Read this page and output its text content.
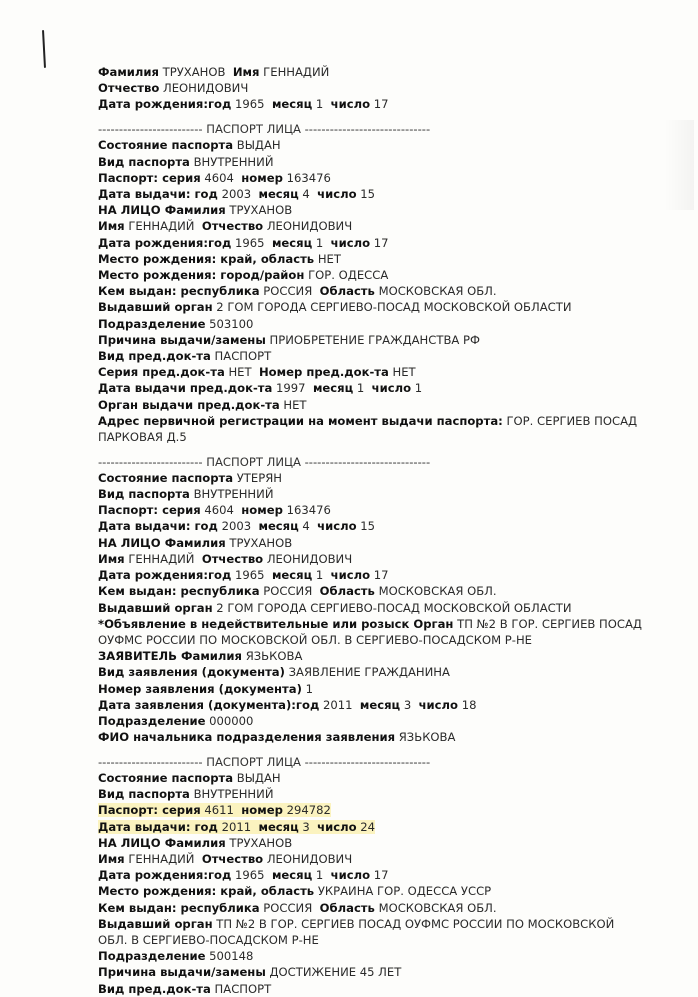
Фамилия ТРУХАНОВ Имя ГЕННАДИЙ
Отчество ЛЕОНИДОВИЧ
Дата рождения:год 1965 месяц 1 число 17
------------------------- ПАСПОРТ ЛИЦА ------------------------------
Состояние паспорта ВЫДАН
Вид паспорта ВНУТРЕННИЙ
Паспорт: серия 4604 номер 163476
Дата выдачи: год 2003 месяц 4 число 15
НА ЛИЦО Фамилия ТРУХАНОВ
Имя ГЕННАДИЙ Отчество ЛЕОНИДОВИЧ
Дата рождения:год 1965 месяц 1 число 17
Место рождения: край, область НЕТ
Место рождения: город/район ГОР. ОДЕССА
Кем выдан: республика РОССИЯ Область МОСКОВСКАЯ ОБЛ.
Выдавший орган 2 ГОМ ГОРОДА СЕРГИЕВО-ПОСАД МОСКОВСКОЙ ОБЛАСТИ
Подразделение 503100
Причина выдачи/замены ПРИОБРЕТЕНИЕ ГРАЖДАНСТВА РФ
Вид пред.док-та ПАСПОРТ
Серия пред.док-та НЕТ Номер пред.док-та НЕТ
Дата выдачи пред.док-та 1997 месяц 1 число 1
Орган выдачи пред.док-та НЕТ
Адрес первичной регистрации на момент выдачи паспорта: ГОР. СЕРГИЕВ ПОСАД
ПАРКОВАЯ Д.5
------------------------- ПАСПОРТ ЛИЦА ------------------------------
Состояние паспорта УТЕРЯН
Вид паспорта ВНУТРЕННИЙ
Паспорт: серия 4604 номер 163476
Дата выдачи: год 2003 месяц 4 число 15
НА ЛИЦО Фамилия ТРУХАНОВ
Имя ГЕННАДИЙ Отчество ЛЕОНИДОВИЧ
Дата рождения:год 1965 месяц 1 число 17
Кем выдан: республика РОССИЯ Область МОСКОВСКАЯ ОБЛ.
Выдавший орган 2 ГОМ ГОРОДА СЕРГИЕВО-ПОСАД МОСКОВСКОЙ ОБЛАСТИ
*Объявление в недействительные или розыск Орган ТП №2 В ГОР. СЕРГИЕВ ПОСАД
ОУФМС РОССИИ ПО МОСКОВСКОЙ ОБЛ. В СЕРГИЕВО-ПОСАДСКОМ Р-НЕ
ЗАЯВИТЕЛЬ Фамилия ЯЗЬКОВА
Вид заявления (документа) ЗАЯВЛЕНИЕ ГРАЖДАНИНА
Номер заявления (документа) 1
Дата заявления (документа):год 2011 месяц 3 число 18
Подразделение 000000
ФИО начальника подразделения заявления ЯЗЬКОВА
------------------------- ПАСПОРТ ЛИЦА ------------------------------
Состояние паспорта ВЫДАН
Вид паспорта ВНУТРЕННИЙ
Паспорт: серия 4611 номер 294782
Дата выдачи: год 2011 месяц 3 число 24
НА ЛИЦО Фамилия ТРУХАНОВ
Имя ГЕННАДИЙ Отчество ЛЕОНИДОВИЧ
Дата рождения:год 1965 месяц 1 число 17
Место рождения: край, область УКРАИНА ГОР. ОДЕССА УССР
Кем выдан: республика РОССИЯ Область МОСКОВСКАЯ ОБЛ.
Выдавший орган ТП №2 В ГОР. СЕРГИЕВ ПОСАД ОУФМС РОССИИ ПО МОСКОВСКОЙ
ОБЛ. В СЕРГИЕВО-ПОСАДСКОМ Р-НЕ
Подразделение 500148
Причина выдачи/замены ДОСТИЖЕНИЕ 45 ЛЕТ
Вид пред.док-та ПАСПОРТ
